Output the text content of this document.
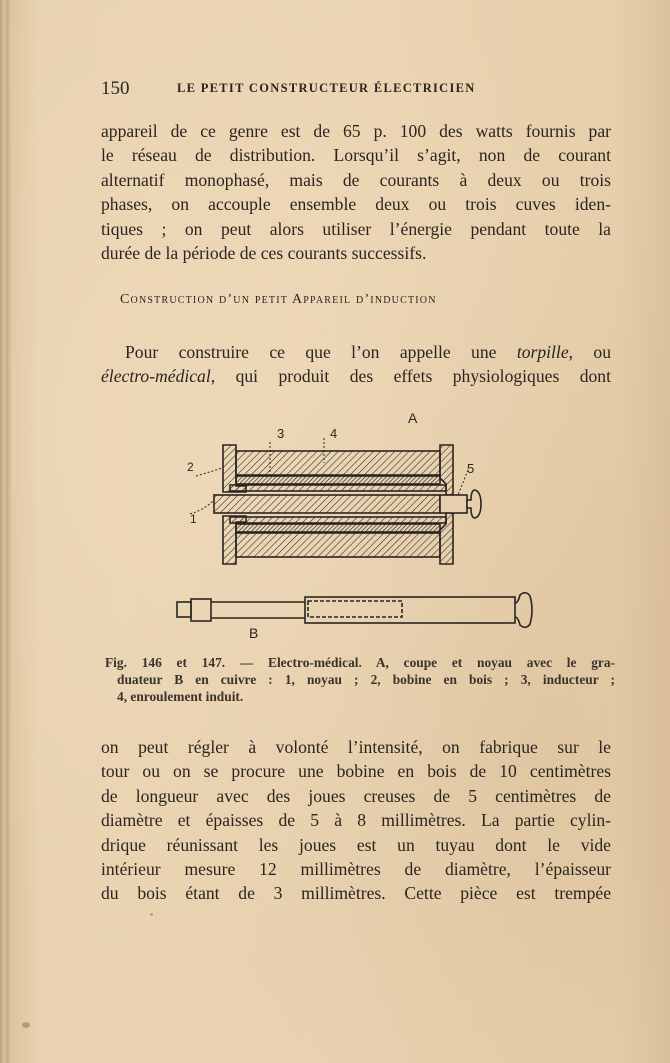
150	LE PETIT CONSTRUCTEUR ÉLECTRICIEN
appareil de ce genre est de 65 p. 100 des watts fournis par
le réseau de distribution. Lorsqu’il s’agit, non de courant
alternatif monophasé, mais de courants à deux ou trois
phases, on accouple ensemble deux ou trois cuves iden-
tiques ; on peut alors utiliser l’énergie pendant toute la
durée de la période de ces courants successifs.
Construction d’un petit Appareil d’induction
Pour construire ce que l’on appelle une torpille, ou
électro-médical, qui produit des effets physiologiques dont
A
B
1
2
3	4
5
Fig. 146 et 147. — Electro-médical. A, coupe et noyau avec le gra-
duateur B en cuivre : 1, noyau ; 2, bobine en bois ; 3, inducteur ;
4, enroulement induit.
on peut régler à volonté l’intensité, on fabrique sur le
tour ou on se procure une bobine en bois de 10 centimètres
de longueur avec des joues creuses de 5 centimètres de
diamètre et épaisses de 5 à 8 millimètres. La partie cylin-
drique réunissant les joues est un tuyau dont le vide
intérieur mesure 12 millimètres de diamètre, l’épaisseur
du bois étant de 3 millimètres. Cette pièce est trempée
